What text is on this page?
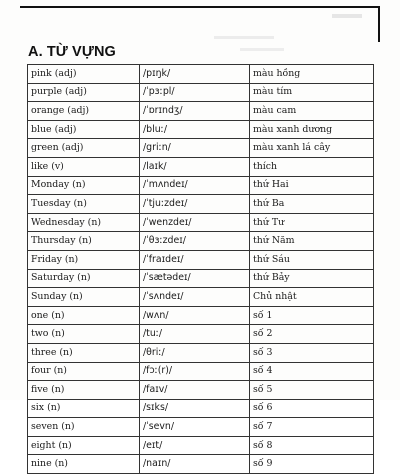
A. TỪ VỰNG
pink (adj)	/pɪŋk/	màu hồng
purple (adj)	/ˈpɜːpl/	màu tím
orange (adj)	/ˈɒrɪndʒ/	màu cam
blue (adj)	/bluː/	màu xanh dương
green (adj)	/griːn/	màu xanh lá cây
like (v)	/laɪk/	thích
Monday (n)	/ˈmʌndeɪ/	thứ Hai
Tuesday (n)	/ˈtjuːzdeɪ/	thứ Ba
Wednesday (n)	/ˈwenzdeɪ/	thứ Tư
Thursday (n)	/ˈθɜːzdeɪ/	thứ Năm
Friday (n)	/ˈfraɪdeɪ/	thứ Sáu
Saturday (n)	/ˈsætədeɪ/	thứ Bảy
Sunday (n)	/ˈsʌndeɪ/	Chủ nhật
one (n)	/wʌn/	số 1
two (n)	/tuː/	số 2
three (n)	/θriː/	số 3
four (n)	/fɔː(r)/	số 4
five (n)	/faɪv/	số 5
six (n)	/sɪks/	số 6
seven (n)	/ˈsevn/	số 7
eight (n)	/eɪt/	số 8
nine (n)	/naɪn/	số 9
